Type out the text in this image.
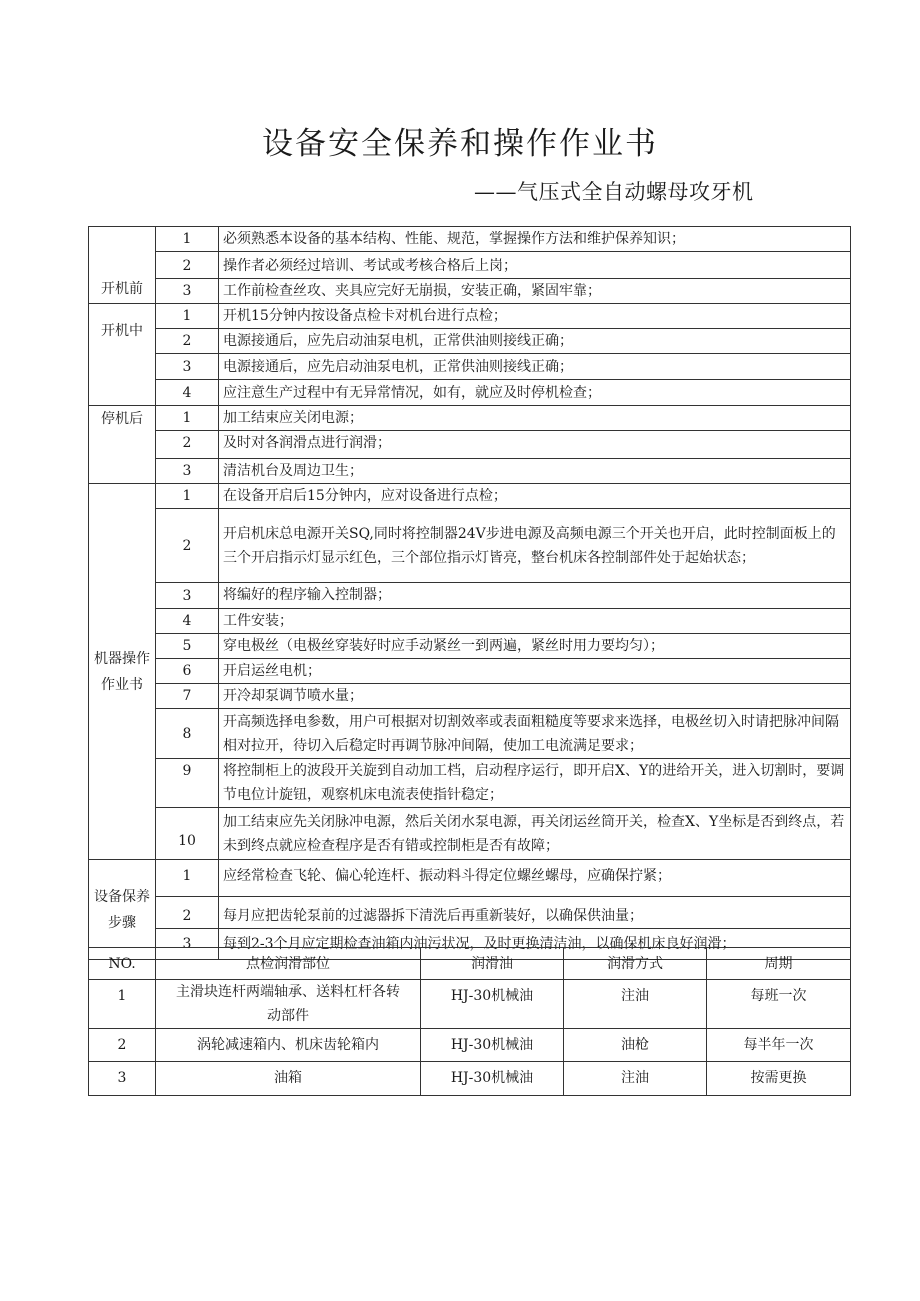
设备安全保养和操作作业书
——气压式全自动螺母攻牙机
开机前	1	必须熟悉本设备的基本结构、性能、规范，掌握操作方法和维护保养知识；
	2	操作者必须经过培训、考试或考核合格后上岗；
	3	工作前检查丝攻、夹具应完好无崩损，安装正确，紧固牢靠；
开机中	1	开机15分钟内按设备点检卡对机台进行点检；
	2	电源接通后，应先启动油泵电机，正常供油则接线正确；
	3	电源接通后，应先启动油泵电机，正常供油则接线正确；
	4	应注意生产过程中有无异常情况，如有，就应及时停机检查；
停机后	1	加工结束应关闭电源；
	2	及时对各润滑点进行润滑；
	3	清洁机台及周边卫生；
机器操作作业书	1	在设备开启后15分钟内，应对设备进行点检；
	2	开启机床总电源开关SQ,同时将控制器24V步进电源及高频电源三个开关也开启，此时控制面板上的三个开启指示灯显示红色，三个部位指示灯皆亮，整台机床各控制部件处于起始状态；
	3	将编好的程序输入控制器；
	4	工件安装；
	5	穿电极丝（电极丝穿装好时应手动紧丝一到两遍，紧丝时用力要均匀）；
	6	开启运丝电机；
	7	开冷却泵调节喷水量；
	8	开高频选择电参数，用户可根据对切割效率或表面粗糙度等要求来选择，电极丝切入时请把脉冲间隔相对拉开，待切入后稳定时再调节脉冲间隔，使加工电流满足要求；
	9	将控制柜上的波段开关旋到自动加工档，启动程序运行，即开启X、Y的进给开关，进入切割时，要调节电位计旋钮，观察机床电流表使指针稳定；
	10	加工结束应先关闭脉冲电源，然后关闭水泵电源，再关闭运丝筒开关，检查X、Y坐标是否到终点，若未到终点就应检查程序是否有错或控制柜是否有故障；
设备保养步骤	1	应经常检查飞轮、偏心轮连杆、振动料斗得定位螺丝螺母，应确保拧紧；
	2	每月应把齿轮泵前的过滤器拆下清洗后再重新装好，以确保供油量；
	3	每到2-3个月应定期检查油箱内油污状况，及时更换清洁油，以确保机床良好润滑；
NO.	点检润滑部位	润滑油	润滑方式	周期
1	主滑块连杆两端轴承、送料杠杆各转动部件	HJ-30机械油	注油	每班一次
2	涡轮减速箱内、机床齿轮箱内	HJ-30机械油	油枪	每半年一次
3	油箱	HJ-30机械油	注油	按需更换
